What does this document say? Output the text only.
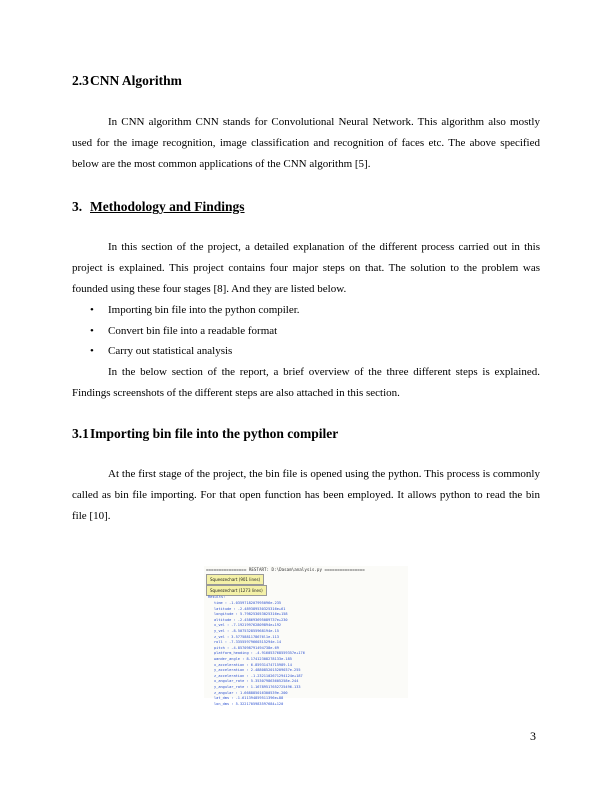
2.3CNN Algorithm

In CNN algorithm CNN stands for Convolutional Neural Network. This algorithm also mostly used for the image recognition, image classification and recognition of faces etc. The above specified below are the most common applications of the CNN algorithm [5].

3. Methodology and Findings

In this section of the project, a detailed explanation of the different process carried out in this project is explained. This project contains four major steps on that. The solution to the problem was founded using these four stages [8]. And they are listed below.

• Importing bin file into the python compiler.
• Convert bin file into a readable format
• Carry out statistical analysis

In the below section of the report, a brief overview of the three different steps is explained. Findings screenshots of the different steps are also attached in this section.

3.1Importing bin file into the python compiler

At the first stage of the project, the bin file is opened using the python. This process is commonly called as bin file importing. For that open function has been employed. It allows python to read the bin file [10].

================ RESTART: D:\Dasam\analysis.py ================
Squeezechart (901 lines)
Squeezechart (1273 lines)
Results:
time : -1.0359718207995096e-235
latitude : -2.489389530325316e+61
longitude : 5.798253053025316e+158
altitude : -2.458693695089737e+230
x_vel : -7.192199762809894e+192
y_vel : -8.507532855968194e-15
z_vel : 3.5775881178676l1e-113
roll : -7.33555979660315294e-14
pitch : -4.857098791494738e-69
platform_heading : -4.916053768559357e+176
wander_angle : 8.17412308278133e-185
x_acceleration : 6.85931474715989-14
y_acceleration : 2.4880852015209037e-255
z_acceleration : -1.2321102671294124e+187
x_angular_rate : 5.353079863605258e-244
y_angular_rate : 1.16789517652725496-133
z_angular : 1.668885016300539e-200
lat_dms : -1.611394859511396e+88
lon_dms : 5.3221705983597684+120
3
